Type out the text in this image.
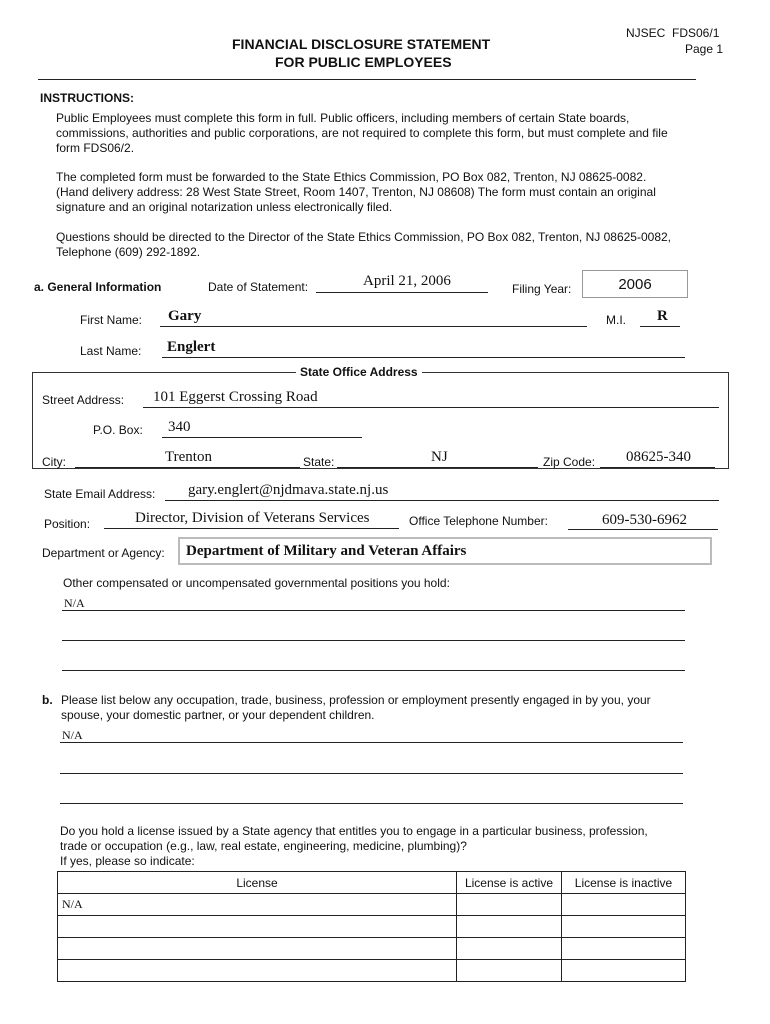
FINANCIAL DISCLOSURE STATEMENT
FOR PUBLIC EMPLOYEES
NJSEC  FDS06/1
Page 1
INSTRUCTIONS:
Public Employees must complete this form in full. Public officers, including members of certain State boards,
commissions, authorities and public corporations, are not required to complete this form, but must complete and file
form FDS06/2.
The completed form must be forwarded to the State Ethics Commission, PO Box 082, Trenton, NJ 08625-0082.
(Hand delivery address: 28 West State Street, Room 1407, Trenton, NJ 08608) The form must contain an original
signature and an original notarization unless electronically filed.
Questions should be directed to the Director of the State Ethics Commission, PO Box 082, Trenton, NJ 08625-0082,
Telephone (609) 292-1892.
a. General Information	Date of Statement:	April 21, 2006	Filing Year:	2006
First Name: Gary	M.I. R
Last Name: Englert
State Office Address
Street Address: 101 Eggerst Crossing Road
P.O. Box: 340
City:	Trenton	State:	NJ	Zip Code: 08625-340
State Email Address: gary.englert@njdmava.state.nj.us
Position:	Director, Division of Veterans Services	Office Telephone Number:	609-530-6962
Department or Agency: Department of Military and Veteran Affairs
Other compensated or uncompensated governmental positions you hold:
N/A
b. Please list below any occupation, trade, business, profession or employment presently engaged in by you, your
spouse, your domestic partner, or your dependent children.
N/A
Do you hold a license issued by a State agency that entitles you to engage in a particular business, profession,
trade or occupation (e.g., law, real estate, engineering, medicine, plumbing)?
If yes, please so indicate:
License	License is active	License is inactive
N/A		
